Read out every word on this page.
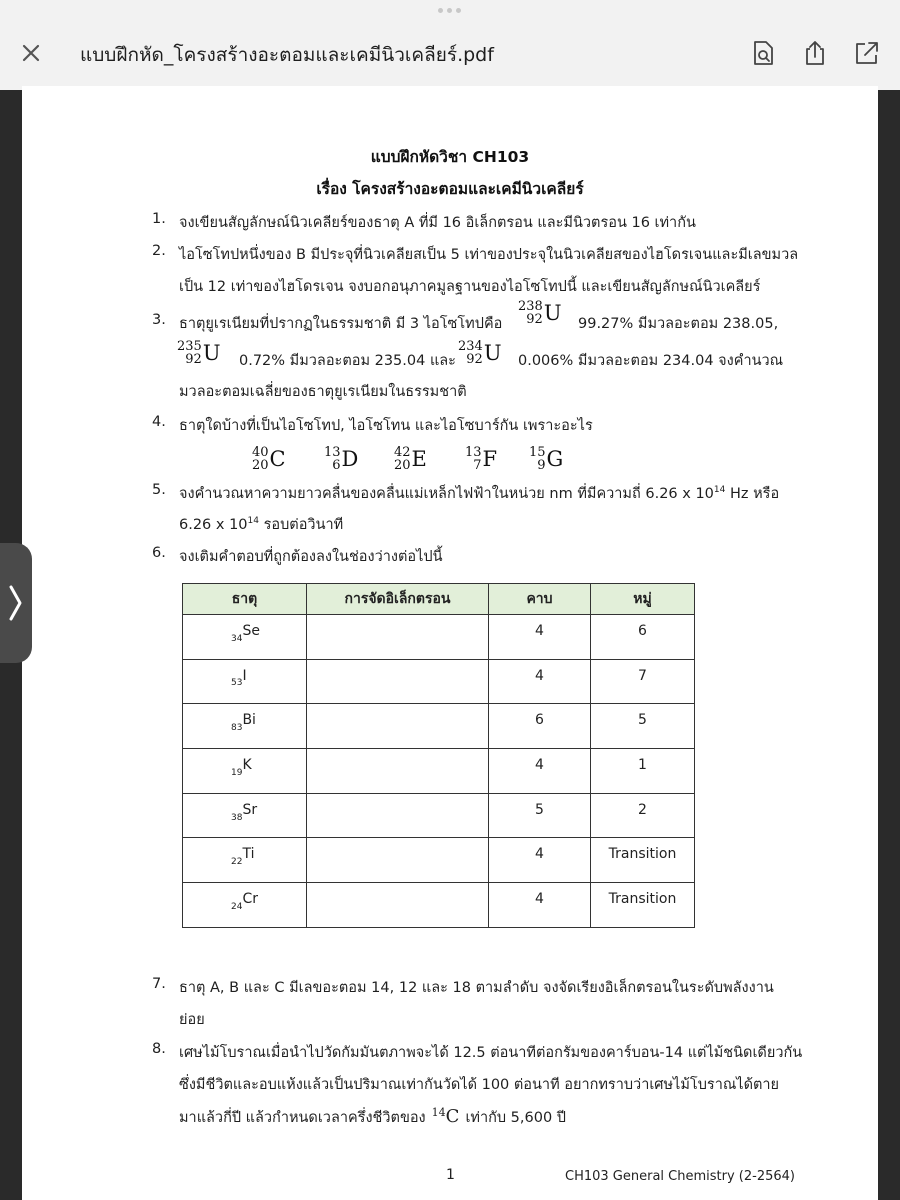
แบบฝึกหัด_โครงสร้างอะตอมและเคมีนิวเคลียร์.pdf
แบบฝึกหัดวิชา CH103
เรื่อง โครงสร้างอะตอมและเคมีนิวเคลียร์
1. จงเขียนสัญลักษณ์นิวเคลียร์ของธาตุ A ที่มี 16 อิเล็กตรอน และมีนิวตรอน 16 เท่ากัน
2. ไอโซโทปหนึ่งของ B มีประจุที่นิวเคลียสเป็น 5 เท่าของประจุในนิวเคลียสของไฮโดรเจนและมีเลขมวล
เป็น 12 เท่าของไฮโดรเจน จงบอกอนุภาคมูลฐานของไอโซโทปนี้ และเขียนสัญลักษณ์นิวเคลียร์
3. ธาตุยูเรเนียมที่ปรากฏในธรรมชาติ มี 3 ไอโซโทปคือ
238
92 U 99.27% มีมวลอะตอม 238.05,
235
92 U 0.72% มีมวลอะตอม 235.04 และ
234
92 U 0.006% มีมวลอะตอม 234.04 จงคำนวณ
มวลอะตอมเฉลี่ยของธาตุยูเรเนียมในธรรมชาติ
4. ธาตุใดบ้างที่เป็นไอโซโทป, ไอโซโทน และไอโซบาร์กัน เพราะอะไร
40
20 C	13
6 D	42
20 E	13
7 F 15
9 G
5. จงคำนวณหาความยาวคลื่นของคลื่นแม่เหล็กไฟฟ้าในหน่วย nm ที่มีความถี่ 6.26 x $10^{14}$ Hz หรือ
6.26 x $10^{14}$ รอบต่อวินาที
6. จงเติมคำตอบที่ถูกต้องลงในช่องว่างต่อไปนี้
ธาตุ	การจัดอิเล็กตรอน	คาบ	หมู่
$_{34}$Se		4	6
$_{53}$I		4	7
$_{83}$Bi		6	5
$_{19}$K		4	1
$_{38}$Sr		5	2
$_{22}$Ti		4	Transition
$_{24}$Cr		4	Transition
7. ธาตุ A, B และ C มีเลขอะตอม 14, 12 และ 18 ตามลำดับ จงจัดเรียงอิเล็กตรอนในระดับพลังงาน
ย่อย
8. เศษไม้โบราณเมื่อนำไปวัดกัมมันตภาพจะได้ 12.5 ต่อนาทีต่อกรัมของคาร์บอน-14 แต่ไม้ชนิดเดียวกัน
ซึ่งมีชีวิตและอบแห้งแล้วเป็นปริมาณเท่ากันวัดได้ 100 ต่อนาที อยากทราบว่าเศษไม้โบราณได้ตาย
มาแล้วกี่ปี แล้วกำหนดเวลาครึ่งชีวิตของ $^{14}$C เท่ากับ 5,600 ปี
1	CH103 General Chemistry (2-2564)
